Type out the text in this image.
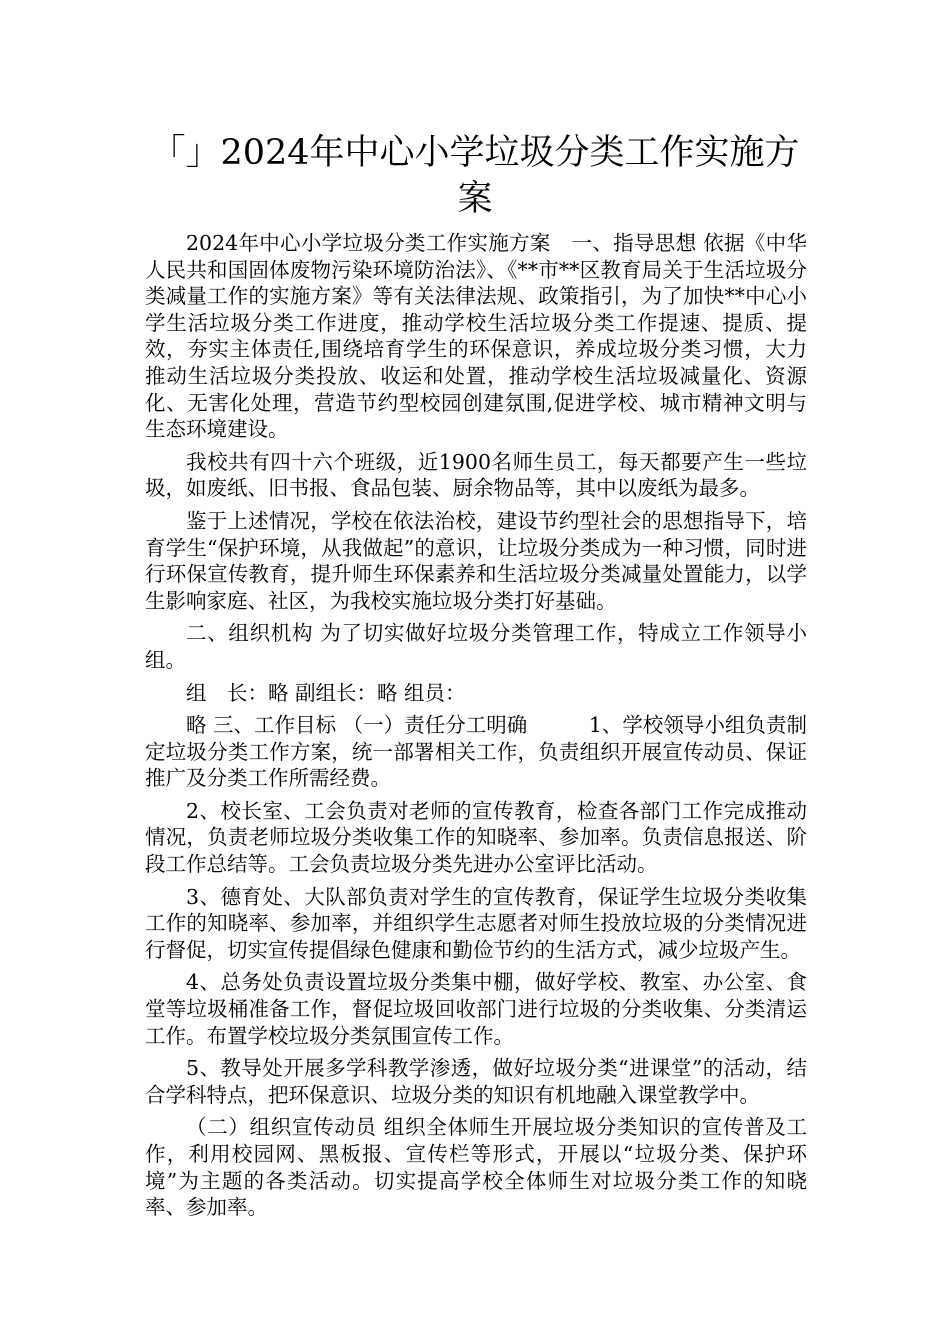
「」2024年中心小学垃圾分类工作实施方案

2024年中心小学垃圾分类工作实施方案　一、指导思想 依据《中华人民共和国固体废物污染环境防治法》、《**市**区教育局关于生活垃圾分类减量工作的实施方案》等有关法律法规、政策指引，为了加快**中心小学生活垃圾分类工作进度，推动学校生活垃圾分类工作提速、提质、提效，夯实主体责任,围绕培育学生的环保意识，养成垃圾分类习惯，大力推动生活垃圾分类投放、收运和处置，推动学校生活垃圾减量化、资源化、无害化处理，营造节约型校园创建氛围,促进学校、城市精神文明与生态环境建设。

我校共有四十六个班级，近1900名师生员工，每天都要产生一些垃圾，如废纸、旧书报、食品包装、厨余物品等，其中以废纸为最多。

鉴于上述情况，学校在依法治校，建设节约型社会的思想指导下，培育学生“保护环境，从我做起”的意识，让垃圾分类成为一种习惯，同时进行环保宣传教育，提升师生环保素养和生活垃圾分类减量处置能力，以学生影响家庭、社区，为我校实施垃圾分类打好基础。

二、组织机构 为了切实做好垃圾分类管理工作，特成立工作领导小组。

组　长：略 副组长：略 组员：

略 三、工作目标 （一）责任分工明确　　　1、学校领导小组负责制定垃圾分类工作方案，统一部署相关工作，负责组织开展宣传动员、保证推广及分类工作所需经费。

2、校长室、工会负责对老师的宣传教育，检查各部门工作完成推动情况，负责老师垃圾分类收集工作的知晓率、参加率。负责信息报送、阶段工作总结等。工会负责垃圾分类先进办公室评比活动。

3、德育处、大队部负责对学生的宣传教育，保证学生垃圾分类收集工作的知晓率、参加率，并组织学生志愿者对师生投放垃圾的分类情况进行督促，切实宣传提倡绿色健康和勤俭节约的生活方式，减少垃圾产生。

4、总务处负责设置垃圾分类集中棚，做好学校、教室、办公室、食堂等垃圾桶准备工作，督促垃圾回收部门进行垃圾的分类收集、分类清运工作。布置学校垃圾分类氛围宣传工作。

5、教导处开展多学科教学渗透，做好垃圾分类“进课堂”的活动，结合学科特点，把环保意识、垃圾分类的知识有机地融入课堂教学中。

（二）组织宣传动员 组织全体师生开展垃圾分类知识的宣传普及工作，利用校园网、黑板报、宣传栏等形式，开展以“垃圾分类、保护环境”为主题的各类活动。切实提高学校全体师生对垃圾分类工作的知晓率、参加率。
